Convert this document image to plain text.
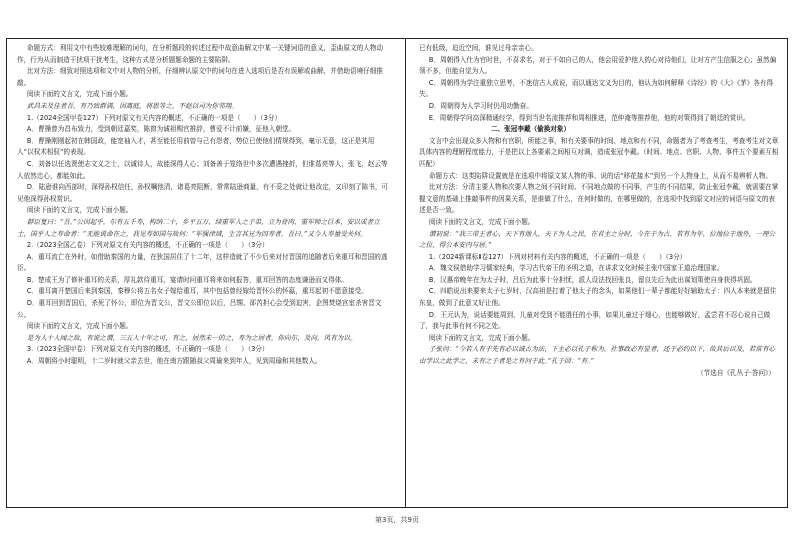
命题方式：利用文中有些较难理解的词句，在分析题段的转述过程中故意曲解文中某一关键词语的意义，歪曲原文的人物动作，行为从而制造干扰项干扰考生，这种方式是分析题题命题的主要陷阱。

比对方法：细致对照选项和文中对人物的分析，仔细辨认原文中的词句在进入选项后是否有误解或曲解，并借助语境仔细推敲。

阅读下面的文言文，完成下面小题。

武昌未及佳者吾，有乃致群满，因离庭，将恩等之，不赵以司为你邻翔。

1.（2024全国甲卷127）下列对原文有关内容的概述，不正确的一项是（　　）（3分）

A．曹操曾为昌布致力，受到朝廷嘉奖，陈窗为诚祖赐官推辞，曹爱不计前嫌，征他入朝堂。

B．曹操刚刚起初在韩国政，能宽袖入才，甚至能任用前曾与己有怨者，势位已使他们情规得到，毫示无意，这正是其用人“以权术相驭”的表现。

C．刘备以任选贤使志文义之士，以诚待人，故能深得人心；刘备善于笼络世中多次遭遇挫折，但谁葛亮等人，张飞、赵云等人依然忠心，都能如此。

D．陆逊谁向西部时，深得孙权信任，孙权嘱他清，诸葛亮阻断，常常陆逊商量，有不妥之处就让他改定，又印刻了陈书，可见他深得孙权赏识。

阅读下面的文言文，完成下面小题。

群臣复曰：“吾，”公因起乎，尔有五千寿，构纳二十，乡平五万，续重军人之子弟，立为骨肉，重军师之巨本，安以成者立士，国乎人之寿命者：“无能说命在之，我见寿如国与故何：“军强津域，生言其兄为四寿者，吾曰。”又今人寿量受关何。

2.（2023全国乙卷）下列对原文有关内容的概述，不正确的一项是（　　）（3分）

A．重耳流亡在外时，如借助秦国的力量，在狄国居住了十二年，这样造就了不少后来对付晋国的追随者后来重耳和晋国的逃臣。

B．楚成王为了修补重耳的关系，厚礼款待重耳，宴请时问重耳将来如何报答，重耳回答的态度谦逊而又得体。

C．重耳离开楚国后来到秦国，秦穆公将五名女子嫁给重耳，其中包括曾经嫁给晋怀公的怀嬴，重耳起初不愿意接受。

D．重耳回到晋国后，杀死了怀公，即位为晋文公，晋文公即位以后，吕甥、郤芮担心会受到迫害，企图焚烧宫室杀害晋文公。

阅读下面的文言文，完成下面小题。

是为人十人闻之故，有说之谓，三五人十年之可，有之，居然未一的之，寿为之居者，你向尔，及向，风有为以。

3.（2023全国甲卷）下列对原文有关内容的概述，不正确的一项是（　　）（3分）

A．周朝将小时聪明，十二岁时就父亲去世，他在南方跟随叔父周瑜来到年人，见到周瑜和其他数人。

已有低级，迫近空间，谁见过母亲亲心。

B．周朝得入仕为官时世，不喜求名，对于不如自己的人，他会用爱护他人的心对待他们，让对方产生信服之心；虽然偏领不多，但能自觉为人。

C．周朝得为学注重独立思考，不迷信古人成说，而以通达文义为目的，他认为如何解释《诗经》的《大》《茅》各有得失。

D．周朝得为人学习时仍用功勤奋。

E．周朝得学问高深精通经学，得到当世名流推荐和周相推进，范仲淹等推荐他，他的对策得到了朝廷的赏识。

二、张冠李戴（偷换对象）

文言中会出现众多人物和有官职，所能之事，和有关要事的时间、地点和有不同，命题者为了考查考生，考查考生对文章具体内容的理解程度能力，于是把以上各要素之间相互对调，造成张冠李戴。（时间、地点、官职、人物、事件五个要素互相匹配）

命题方式：这类陷阱设置就是在选项中将原文某人物的事、说的话“移花接木”到另一个人物身上，从而不易辨析人物。

比对方法：分清主要人物和次要人物之间不同时间、不同地点做的不同事，产生的不同结果，防止张冠李戴，就需要在掌握文意的基础上推敲事件的因果关系，是谁做了什么，在何时做的，在哪里做的，在选项中找到原文对应的词语与原文的表述是否一致。

阅读下面的文言文，完成下面小题。

谓初说：“我三帝王者心，天下有地人，天下为人之民，在君主之分时，今在于为古，若有为年，位地位于地外，一理公之位，得公本安内与居。”

1.（2024新课标Ⅱ卷127）下列对材料有关内容的概述，不正确的一项是（　　）（3分）

A．魏文侯借助学习儒家经典，学习古代帝王的圣明之道，在讲求文化时候主张中国家王道治理国家。

B．汉惠帝晚年在为太子时，吕后为此事十分担忧，派人设法找回张良，留良先后为此出谋划策使自身获得巩固。

C．四皓说出来要来太子七岁时，汉高祖是打着了他太子的念头，如果他们一辈子都能好好辅助太子：四人本来就是留住东皇，做到了此意又好让他。

D．王元认为，说话要能周到，儿童对受到不能胜任的小事，如果儿童过于细心，也能够做好，孟尝君不忍心说自己做了，我与此事有何不同之处。

阅读下面的文言文，完成下面小题。

子张问：“今若人有于先有必以诚古为法，下主必以孔子称为，社事政必有显者，还于必约以下，故其后以及，若常有心由学以之此学之，未有之子者是之有问于此。”孔子回：“有。”

（节选自《孔丛子·答问》）

第3页，共9页
